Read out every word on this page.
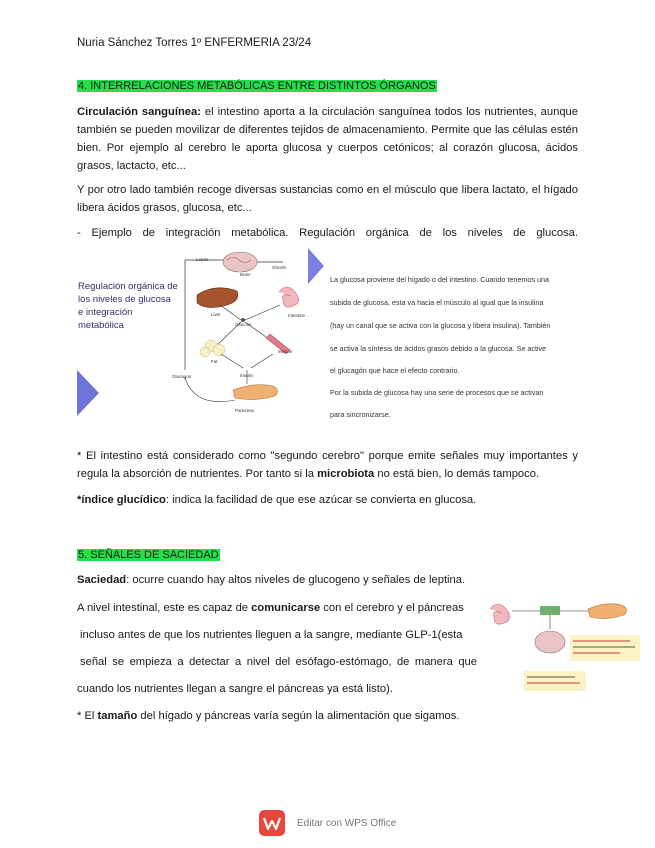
Nuria Sánchez Torres 1º ENFERMERIA 23/24
4. INTERRELACIONES METABÓLICAS ENTRE DISTINTOS ÓRGANOS
Circulación sanguínea: el intestino aporta a la circulación sanguínea todos los nutrientes, aunque también se pueden movilizar de diferentes tejidos de almacenamiento. Permite que las células estén bien. Por ejemplo al cerebro le aporta glucosa y cuerpos cetónicos; al corazón glucosa, ácidos grasos, lactacto, etc...
Y por otro lado también recoge diversas sustancias como en el músculo que libera lactato, el hígado libera ácidos grasos, glucosa, etc...
- Ejemplo de integración metabólica. Regulación orgánica de los niveles de glucosa.
Regulación orgánica de los niveles de glucosa e integración metabólica
Leptin
Brain
Ghrelin
Liver	Intestine
Glucose
Fat
Muscle
Insulin
Glucagon
Pancreas
La glucosa proviene del hígado o del intestino. Cuando tenemos una
subida de glucosa, esta va hacia el músculo al igual que la insulina
(hay un canal que se activa con la glucosa y libera insulina). También
se activa la síntesis de ácidos grasos debido a la glucosa. Se active
el glucagón que hace el efecto contrario.
Por la subida de glucosa hay una serie de procesos que se activan
para sincronizarse.
* El intestino está considerado como "segundo cerebro" porque emite señales muy importantes y regula la absorción de nutrientes. Por tanto si la microbiota no está bien, lo demás tampoco.
*índice glucídico: indica la facilidad de que ese azúcar se convierta en glucosa.
5. SEÑALES DE SACIEDAD
Saciedad: ocurre cuando hay altos niveles de glucogeno y señales de leptina.
A nivel intestinal, este es capaz de comunicarse con el cerebro y el páncreas
incluso antes de que los nutrientes lleguen a la sangre, mediante GLP-1(esta
señal se empieza a detectar a nivel del esófago-estómago, de manera que
cuando los nutrientes llegan a sangre el páncreas ya está listo).
* El tamaño del hígado y páncreas varía según la alimentación que sigamos.
Editar con WPS Office
